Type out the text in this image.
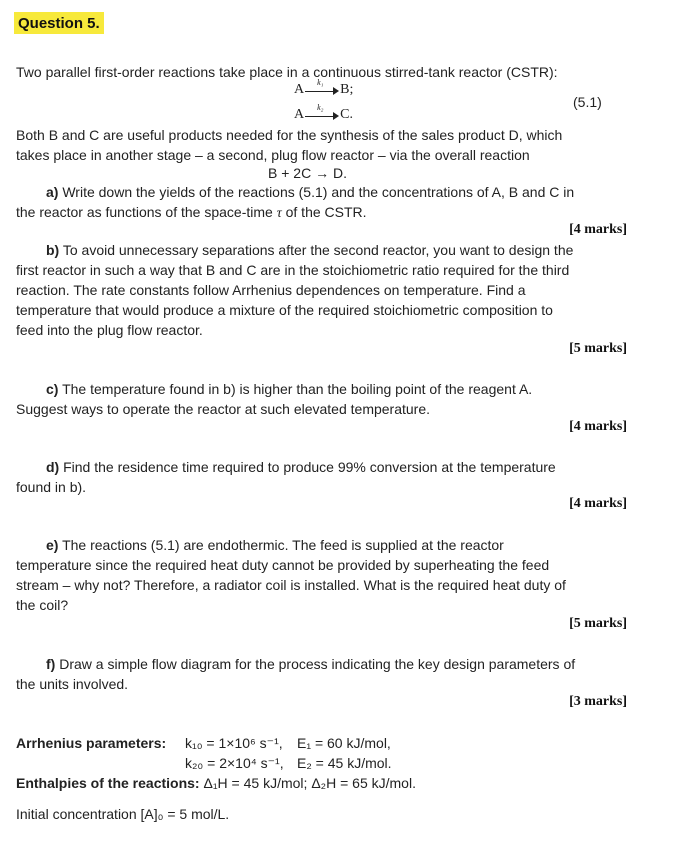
Question 5.
Two parallel first-order reactions take place in a continuous stirred-tank reactor (CSTR):
A k₁ B;
(5.1)
A k₂ C.
Both B and C are useful products needed for the synthesis of the sales product D, which
takes place in another stage – a second, plug flow reactor – via the overall reaction
B + 2C → D.
a) Write down the yields of the reactions (5.1) and the concentrations of A, B and C in
the reactor as functions of the space-time τ of the CSTR.
[4 marks]
b) To avoid unnecessary separations after the second reactor, you want to design the
first reactor in such a way that B and C are in the stoichiometric ratio required for the third
reaction. The rate constants follow Arrhenius dependences on temperature. Find a
temperature that would produce a mixture of the required stoichiometric composition to
feed into the plug flow reactor.
[5 marks]
c) The temperature found in b) is higher than the boiling point of the reagent A.
Suggest ways to operate the reactor at such elevated temperature.
[4 marks]
d) Find the residence time required to produce 99% conversion at the temperature
found in b).
[4 marks]
e) The reactions (5.1) are endothermic. The feed is supplied at the reactor
temperature since the required heat duty cannot be provided by superheating the feed
stream – why not? Therefore, a radiator coil is installed. What is the required heat duty of
the coil?
[5 marks]
f) Draw a simple flow diagram for the process indicating the key design parameters of
the units involved.
[3 marks]
Arrhenius parameters: k₁₀ = 1×10⁶ s⁻¹, E₁ = 60 kJ/mol,
k₂₀ = 2×10⁴ s⁻¹, E₂ = 45 kJ/mol.
Enthalpies of the reactions: Δ₁H = 45 kJ/mol; Δ₂H = 65 kJ/mol.
Initial concentration [A]₀ = 5 mol/L.
